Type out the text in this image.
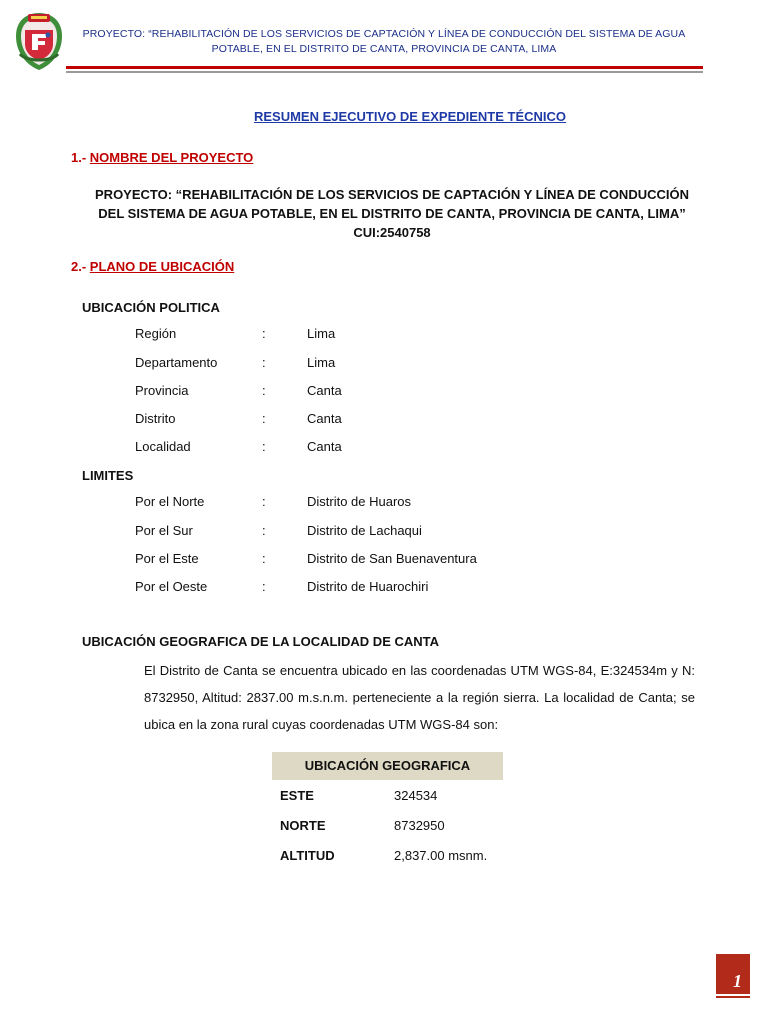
PROYECTO: “REHABILITACIÓN DE LOS SERVICIOS DE CAPTACIÓN Y LÍNEA DE CONDUCCIÓN DEL SISTEMA DE AGUA POTABLE, EN EL DISTRITO DE CANTA, PROVINCIA DE CANTA, LIMA
RESUMEN EJECUTIVO DE EXPEDIENTE TÉCNICO
1.- NOMBRE DEL PROYECTO
PROYECTO: “REHABILITACIÓN DE LOS SERVICIOS DE CAPTACIÓN Y LÍNEA DE CONDUCCIÓN
DEL SISTEMA DE AGUA POTABLE, EN EL DISTRITO DE CANTA, PROVINCIA DE CANTA, LIMA”
CUI:2540758
2.- PLANO DE UBICACIÓN
UBICACIÓN POLITICA
Región	:	Lima
Departamento	:	Lima
Provincia	:	Canta
Distrito	:	Canta
Localidad	:	Canta
LIMITES
Por el Norte	:	Distrito de Huaros
Por el Sur	:	Distrito de Lachaqui
Por el Este	:	Distrito de San Buenaventura
Por el Oeste	:	Distrito de Huarochiri
UBICACIÓN GEOGRAFICA DE LA LOCALIDAD DE CANTA
El Distrito de Canta se encuentra ubicado en las coordenadas UTM WGS-84, E:324534m y N: 8732950, Altitud: 2837.00 m.s.n.m. perteneciente a la región sierra. La localidad de Canta; se ubica en la zona rural cuyas coordenadas UTM WGS-84 son:
UBICACIÓN GEOGRAFICA
ESTE	324534
NORTE	8732950
ALTITUD	2,837.00 msnm.
1
